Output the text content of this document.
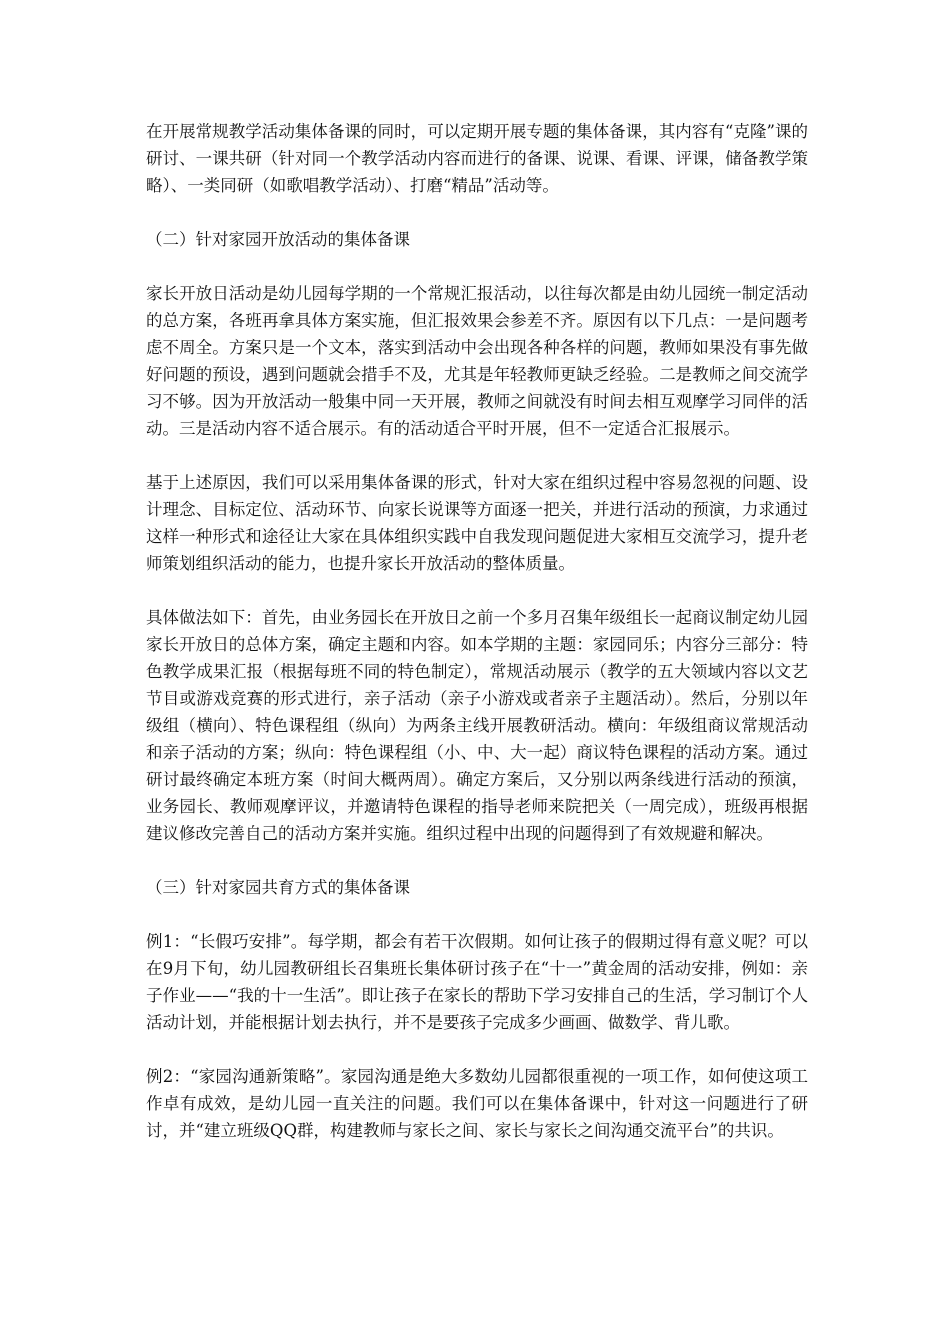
在开展常规教学活动集体备课的同时，可以定期开展专题的集体备课，其内容有“克隆”课的研讨、一课共研（针对同一个教学活动内容而进行的备课、说课、看课、评课，储备教学策略）、一类同研（如歌唱教学活动）、打磨“精品”活动等。

（二）针对家园开放活动的集体备课

家长开放日活动是幼儿园每学期的一个常规汇报活动，以往每次都是由幼儿园统一制定活动的总方案，各班再拿具体方案实施，但汇报效果会参差不齐。原因有以下几点：一是问题考虑不周全。方案只是一个文本，落实到活动中会出现各种各样的问题，教师如果没有事先做好问题的预设，遇到问题就会措手不及，尤其是年轻教师更缺乏经验。二是教师之间交流学习不够。因为开放活动一般集中同一天开展，教师之间就没有时间去相互观摩学习同伴的活动。三是活动内容不适合展示。有的活动适合平时开展，但不一定适合汇报展示。

基于上述原因，我们可以采用集体备课的形式，针对大家在组织过程中容易忽视的问题、设计理念、目标定位、活动环节、向家长说课等方面逐一把关，并进行活动的预演，力求通过这样一种形式和途径让大家在具体组织实践中自我发现问题促进大家相互交流学习，提升老师策划组织活动的能力，也提升家长开放活动的整体质量。

具体做法如下：首先，由业务园长在开放日之前一个多月召集年级组长一起商议制定幼儿园家长开放日的总体方案，确定主题和内容。如本学期的主题：家园同乐；内容分三部分：特色教学成果汇报（根据每班不同的特色制定），常规活动展示（教学的五大领域内容以文艺节目或游戏竞赛的形式进行，亲子活动（亲子小游戏或者亲子主题活动）。然后，分别以年级组（横向）、特色课程组（纵向）为两条主线开展教研活动。横向：年级组商议常规活动和亲子活动的方案；纵向：特色课程组（小、中、大一起）商议特色课程的活动方案。通过研讨最终确定本班方案（时间大概两周）。确定方案后，又分别以两条线进行活动的预演，业务园长、教师观摩评议，并邀请特色课程的指导老师来院把关（一周完成），班级再根据建议修改完善自己的活动方案并实施。组织过程中出现的问题得到了有效规避和解决。

（三）针对家园共育方式的集体备课

例1：“长假巧安排”。每学期，都会有若干次假期。如何让孩子的假期过得有意义呢？可以在9月下旬，幼儿园教研组长召集班长集体研讨孩子在“十一”黄金周的活动安排，例如：亲子作业——“我的十一生活”。即让孩子在家长的帮助下学习安排自己的生活，学习制订个人活动计划，并能根据计划去执行，并不是要孩子完成多少画画、做数学、背儿歌。

例2：“家园沟通新策略”。家园沟通是绝大多数幼儿园都很重视的一项工作，如何使这项工作卓有成效，是幼儿园一直关注的问题。我们可以在集体备课中，针对这一问题进行了研讨，并“建立班级QQ群，构建教师与家长之间、家长与家长之间沟通交流平台”的共识。
